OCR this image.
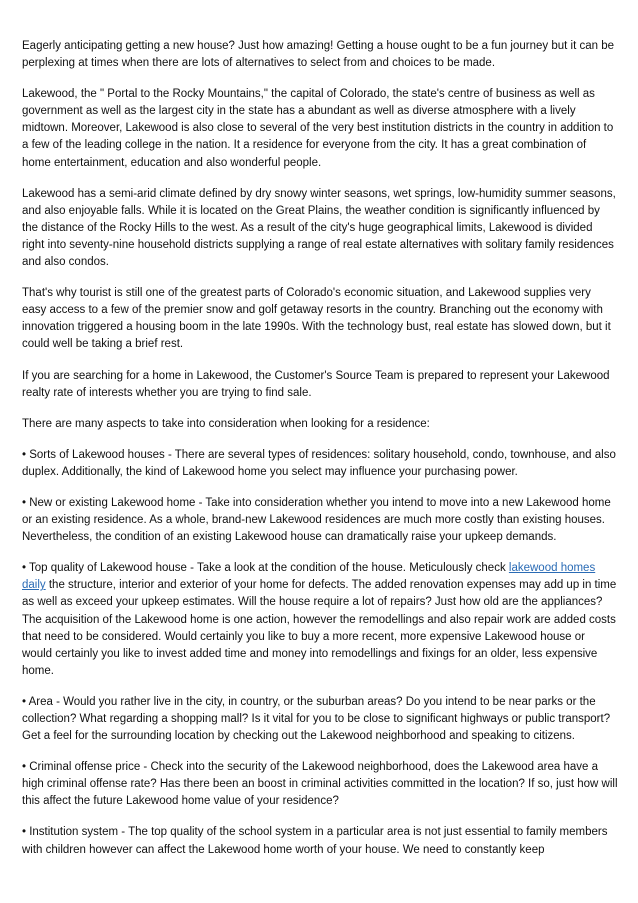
Eagerly anticipating getting a new house? Just how amazing! Getting a house ought to be a fun journey but it can be perplexing at times when there are lots of alternatives to select from and choices to be made.

Lakewood, the " Portal to the Rocky Mountains," the capital of Colorado, the state's centre of business as well as government as well as the largest city in the state has a abundant as well as diverse atmosphere with a lively midtown. Moreover, Lakewood is also close to several of the very best institution districts in the country in addition to a few of the leading college in the nation. It a residence for everyone from the city. It has a great combination of home entertainment, education and also wonderful people.

Lakewood has a semi-arid climate defined by dry snowy winter seasons, wet springs, low-humidity summer seasons, and also enjoyable falls. While it is located on the Great Plains, the weather condition is significantly influenced by the distance of the Rocky Hills to the west. As a result of the city's huge geographical limits, Lakewood is divided right into seventy-nine household districts supplying a range of real estate alternatives with solitary family residences and also condos.

That's why tourist is still one of the greatest parts of Colorado's economic situation, and Lakewood supplies very easy access to a few of the premier snow and golf getaway resorts in the country. Branching out the economy with innovation triggered a housing boom in the late 1990s. With the technology bust, real estate has slowed down, but it could well be taking a brief rest.

If you are searching for a home in Lakewood, the Customer's Source Team is prepared to represent your Lakewood realty rate of interests whether you are trying to find sale.

There are many aspects to take into consideration when looking for a residence:

• Sorts of Lakewood houses - There are several types of residences: solitary household, condo, townhouse, and also duplex. Additionally, the kind of Lakewood home you select may influence your purchasing power.

• New or existing Lakewood home - Take into consideration whether you intend to move into a new Lakewood home or an existing residence. As a whole, brand-new Lakewood residences are much more costly than existing houses. Nevertheless, the condition of an existing Lakewood house can dramatically raise your upkeep demands.

• Top quality of Lakewood house - Take a look at the condition of the house. Meticulously check lakewood homes daily the structure, interior and exterior of your home for defects. The added renovation expenses may add up in time as well as exceed your upkeep estimates. Will the house require a lot of repairs? Just how old are the appliances? The acquisition of the Lakewood home is one action, however the remodellings and also repair work are added costs that need to be considered. Would certainly you like to buy a more recent, more expensive Lakewood house or would certainly you like to invest added time and money into remodellings and fixings for an older, less expensive home.

• Area - Would you rather live in the city, in country, or the suburban areas? Do you intend to be near parks or the collection? What regarding a shopping mall? Is it vital for you to be close to significant highways or public transport? Get a feel for the surrounding location by checking out the Lakewood neighborhood and speaking to citizens.

• Criminal offense price - Check into the security of the Lakewood neighborhood, does the Lakewood area have a high criminal offense rate? Has there been an boost in criminal activities committed in the location? If so, just how will this affect the future Lakewood home value of your residence?

• Institution system - The top quality of the school system in a particular area is not just essential to family members with children however can affect the Lakewood home worth of your house. We need to constantly keep
